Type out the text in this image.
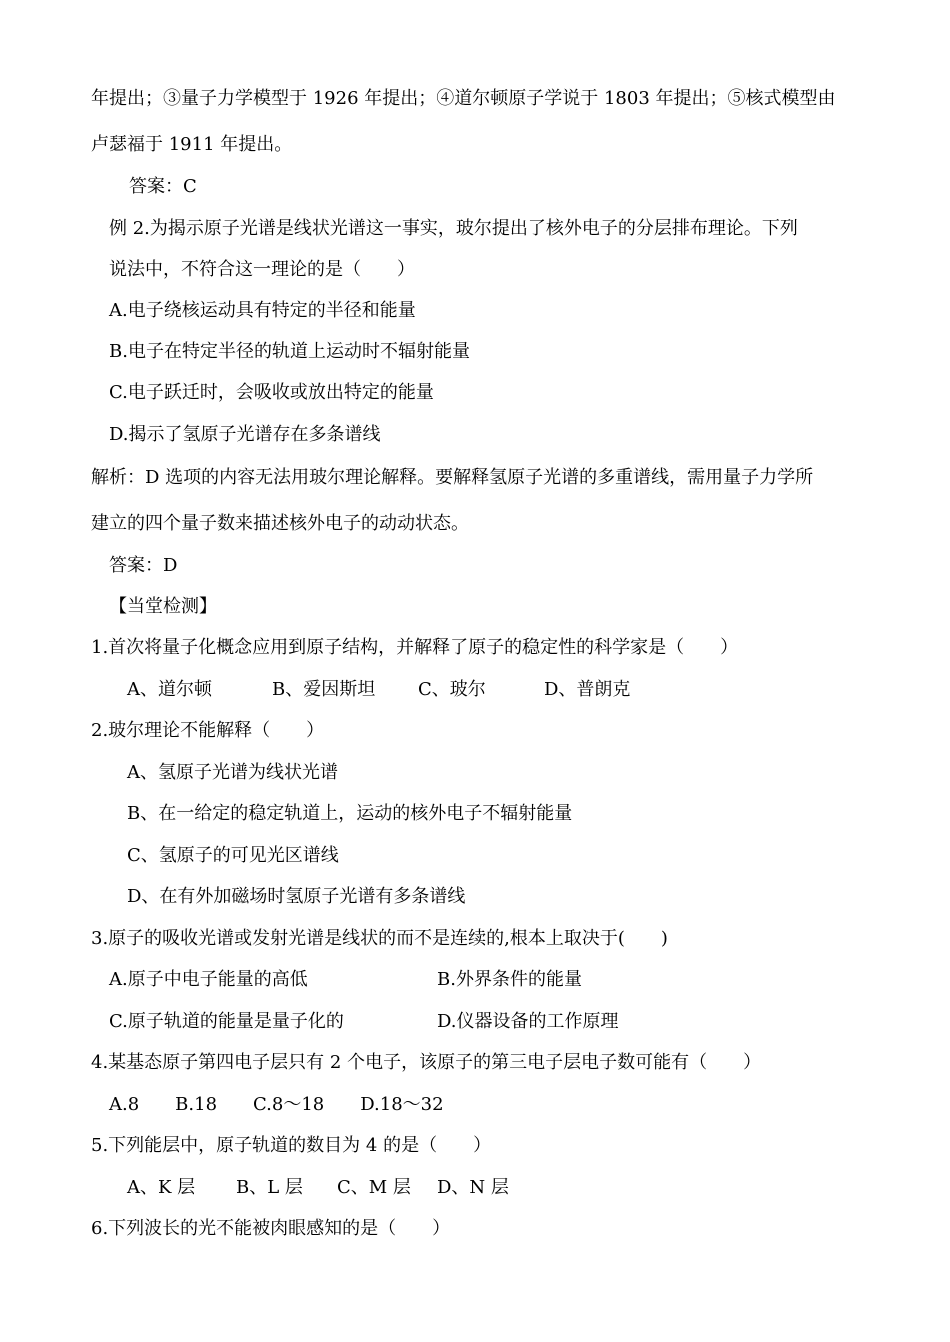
年提出；③量子力学模型于 1926 年提出；④道尔顿原子学说于 1803 年提出；⑤核式模型由
卢瑟福于 1911 年提出。
答案：C
例 2.为揭示原子光谱是线状光谱这一事实，玻尔提出了核外电子的分层排布理论。下列
说法中，不符合这一理论的是（　　）
A.电子绕核运动具有特定的半径和能量
B.电子在特定半径的轨道上运动时不辐射能量
C.电子跃迁时，会吸收或放出特定的能量
D.揭示了氢原子光谱存在多条谱线
解析：D 选项的内容无法用玻尔理论解释。要解释氢原子光谱的多重谱线，需用量子力学所
建立的四个量子数来描述核外电子的动动状态。
答案：D
【当堂检测】
1.首次将量子化概念应用到原子结构，并解释了原子的稳定性的科学家是（　　）
A、道尔顿	B、爱因斯坦 C、玻尔	D、普朗克
2.玻尔理论不能解释（　　）
A、氢原子光谱为线状光谱
B、在一给定的稳定轨道上，运动的核外电子不辐射能量
C、氢原子的可见光区谱线
D、在有外加磁场时氢原子光谱有多条谱线
3.原子的吸收光谱或发射光谱是线状的而不是连续的,根本上取决于(　　)
A.原子中电子能量的高低	B.外界条件的能量
C.原子轨道的能量是量子化的	D.仪器设备的工作原理
4.某基态原子第四电子层只有 2 个电子，该原子的第三电子层电子数可能有（　　）
A.8　　B.18　　C.8～18　　D.18～32
5.下列能层中，原子轨道的数目为 4 的是（　　）
A、K 层 B、L 层 C、M 层 D、N 层
6.下列波长的光不能被肉眼感知的是（　　）
